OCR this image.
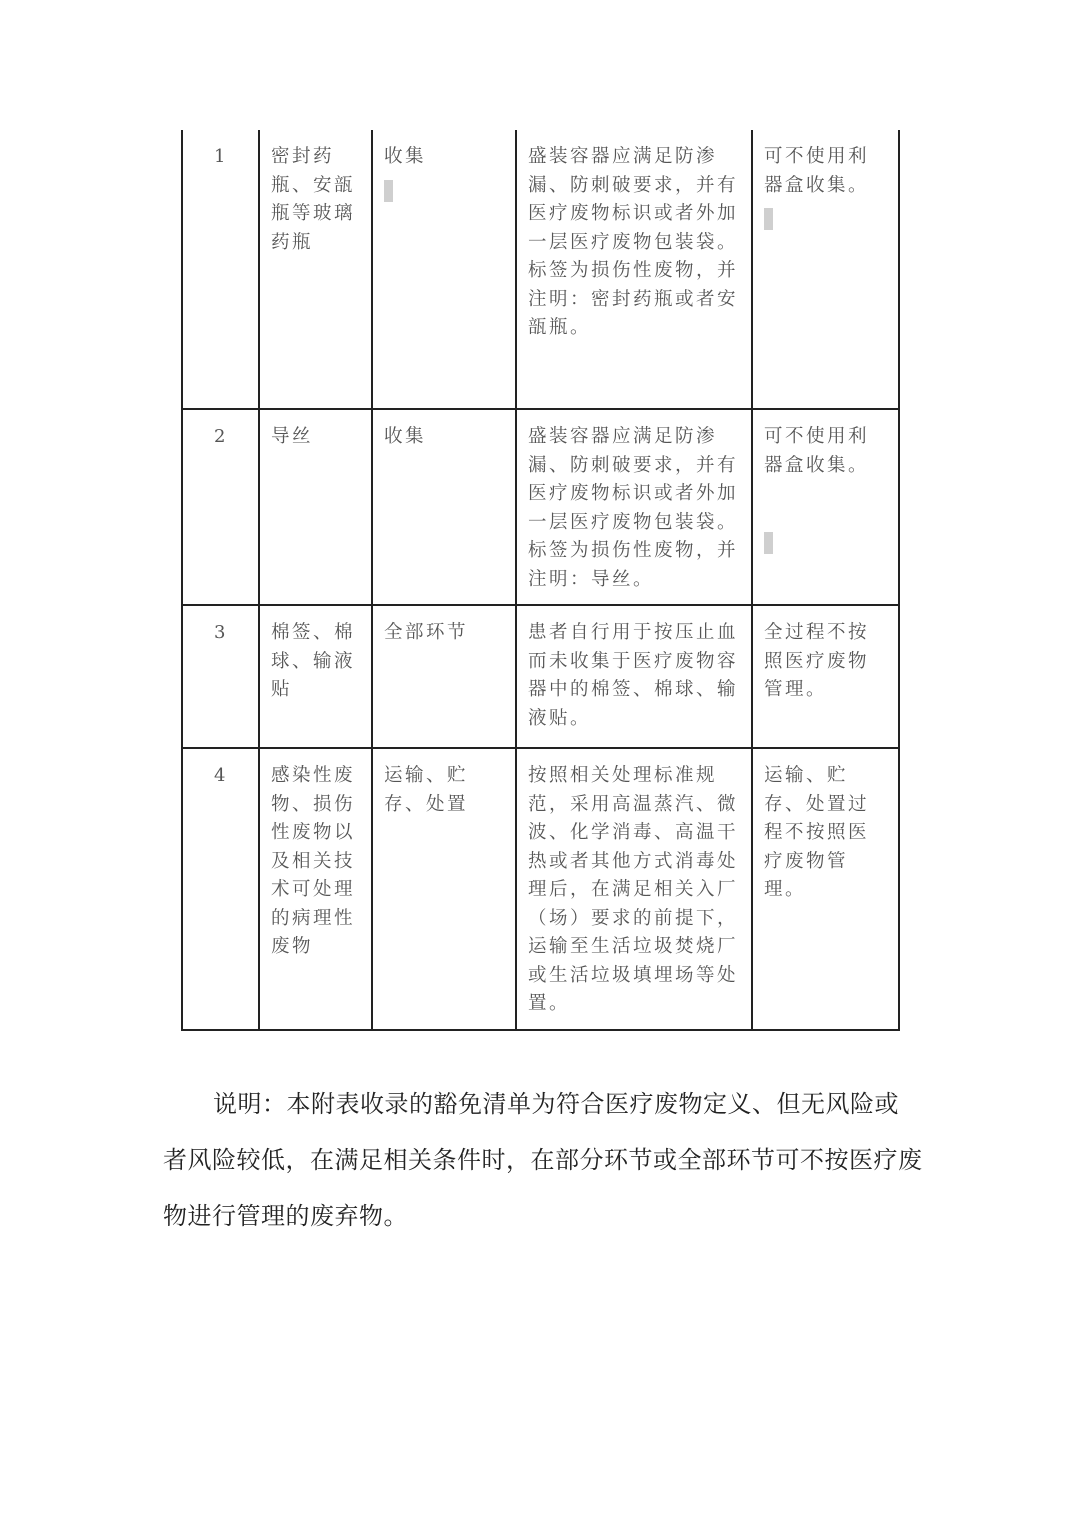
1	密封药瓶、安瓿瓶等玻璃药瓶	收集	盛装容器应满足防渗漏、防刺破要求，并有医疗废物标识或者外加一层医疗废物包装袋。标签为损伤性废物，并注明：密封药瓶或者安瓿瓶。	可不使用利器盒收集。

2	导丝	收集	盛装容器应满足防渗漏、防刺破要求，并有医疗废物标识或者外加一层医疗废物包装袋。标签为损伤性废物，并注明：导丝。	可不使用利器盒收集。

3	棉签、棉球、输液贴	全部环节	患者自行用于按压止血而未收集于医疗废物容器中的棉签、棉球、输液贴。	全过程不按照医疗废物管理。
4	感染性废物、损伤性废物以及相关技术可处理的病理性废物	运输、贮存、处置	按照相关处理标准规范，采用高温蒸汽、微波、化学消毒、高温干热或者其他方式消毒处理后，在满足相关入厂（场）要求的前提下，运输至生活垃圾焚烧厂或生活垃圾填埋场等处置。	运输、贮存、处置过程不按照医疗废物管理。

说明：本附表收录的豁免清单为符合医疗废物定义、但无风险或者风险较低，在满足相关条件时，在部分环节或全部环节可不按医疗废物进行管理的废弃物。
